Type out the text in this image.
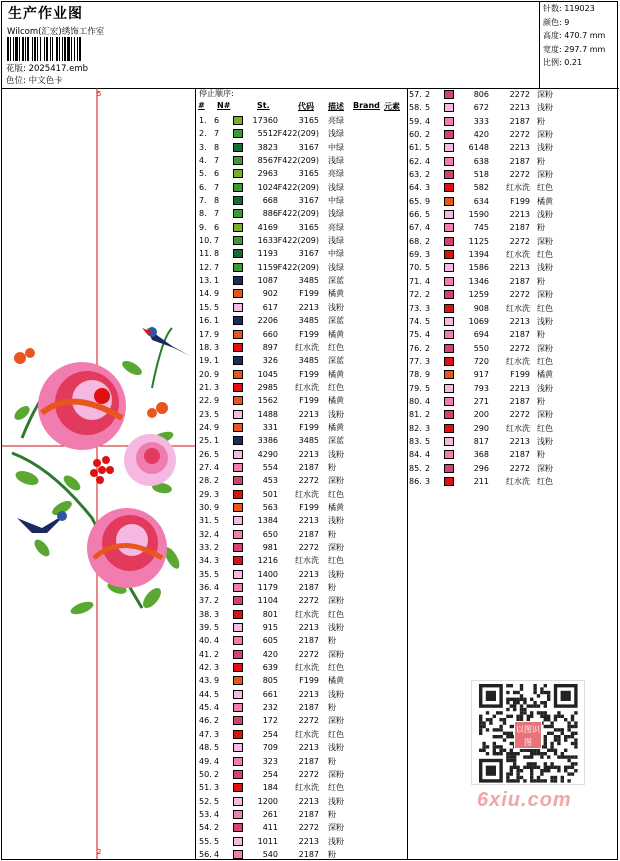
生产作业图
Wilcom(汇宏)绣饰工作室
花版: 2025417.emb
色位: 中文色卡
针数: 119023
颜色: 9
高度: 470.7 mm
宽度: 297.7 mm
比例: 0.21
5
2
停止顺序:
# N#	St.	代码 描述 Brand 元素
1. 6	17360	3165 亮绿
2. 7	5512 F422(209) 浅绿
3. 8	3823	3167 中绿
4. 7	8567 F422(209) 浅绿
5. 6	2963	3165 亮绿
6. 7	1024 F422(209) 浅绿
7. 8	668	3167 中绿
8. 7	886 F422(209) 浅绿
9. 6	4169	3165 亮绿
10. 7	1633 F422(209) 浅绿
11. 8	1193	3167 中绿
12. 7	1159 F422(209) 浅绿
13. 1	1087	3485 深蓝
14. 9	902	F199 橘黄
15. 5	617	2213 浅粉
16. 1	2206	3485 深蓝
17. 9	660	F199 橘黄
18. 3	897 红水洗 红色
19. 1	326	3485 深蓝
20. 9	1045	F199 橘黄
21. 3	2985 红水洗 红色
22. 9	1562	F199 橘黄
23. 5	1488	2213 浅粉
24. 9	331	F199 橘黄
25. 1	3386	3485 深蓝
26. 5	4290	2213 浅粉
27. 4	554	2187 粉
28. 2	453	2272 深粉
29. 3	501 红水洗 红色
30. 9	563	F199 橘黄
31. 5	1384	2213 浅粉
32. 4	650	2187 粉
33. 2	981	2272 深粉
34. 3	1216 红水洗 红色
35. 5	1400	2213 浅粉
36. 4	1179	2187 粉
37. 2	1104	2272 深粉
38. 3	801 红水洗 红色
39. 5	915	2213 浅粉
40. 4	605	2187 粉
41. 2	420	2272 深粉
42. 3	639 红水洗 红色
43. 9	805	F199 橘黄
44. 5	661	2213 浅粉
45. 4	232	2187 粉
46. 2	172	2272 深粉
47. 3	254 红水洗 红色
48. 5	709	2213 浅粉
49. 4	323	2187 粉
50. 2	254	2272 深粉
51. 3	184 红水洗 红色
52. 5	1200	2213 浅粉
53. 4	261	2187 粉
54. 2	411	2272 深粉
55. 5	1011	2213 浅粉
56. 4	540	2187 粉
57. 2	806	2272 深粉
58. 5	672	2213 浅粉
59. 4	333	2187 粉
60. 2	420	2272 深粉
61. 5	6148	2213 浅粉
62. 4	638	2187 粉
63. 2	518	2272 深粉
64. 3	582 红水洗 红色
65. 9	634	F199 橘黄
66. 5	1590	2213 浅粉
67. 4	745	2187 粉
68. 2	1125	2272 深粉
69. 3	1394 红水洗 红色
70. 5	1586	2213 浅粉
71. 4	1346	2187 粉
72. 2	1259	2272 深粉
73. 3	908 红水洗 红色
74. 5	1069	2213 浅粉
75. 4	694	2187 粉
76. 2	550	2272 深粉
77. 3	720 红水洗 红色
78. 9	917	F199 橘黄
79. 5	793	2213 浅粉
80. 4	271	2187 粉
81. 2	200	2272 深粉
82. 3	290 红水洗 红色
83. 5	817	2213 浅粉
84. 4	368	2187 粉
85. 2	296	2272 深粉
86. 3	211 红水洗 红色
以图识图
6xiu.com
